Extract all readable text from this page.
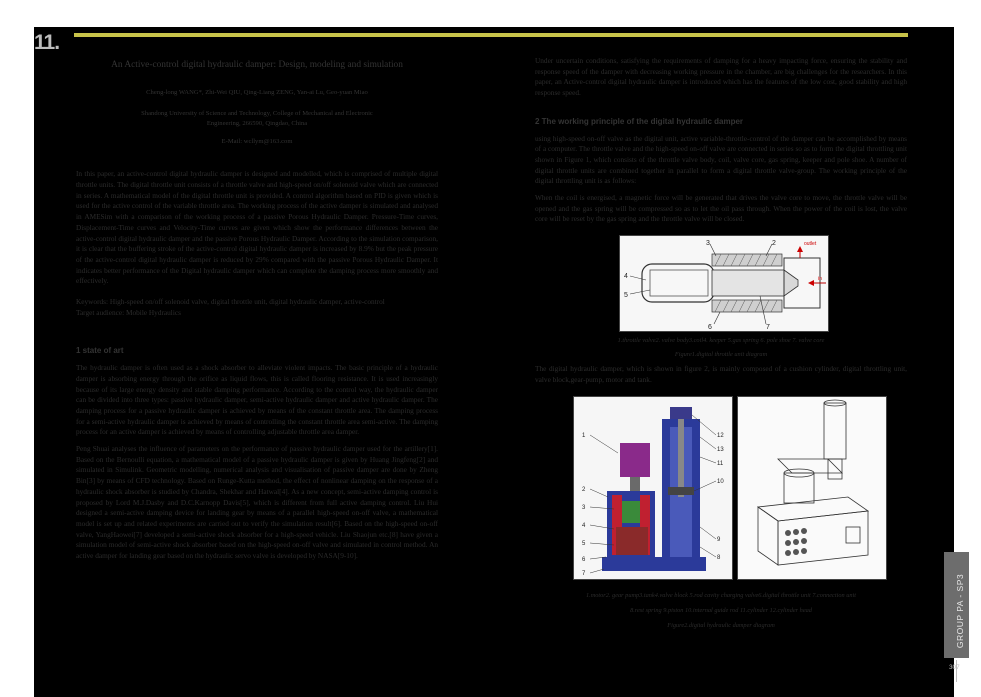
11.
An Active-control digital hydraulic damper: Design, modeling and simulation
Cheng-long WANG*, Zhi-Wei QIU, Qing-Liang ZENG, Yan-ai Lu, Geo-yuan Miao
Shandong University of Science and Technology, College of Mechanical and Electronic Engineering, 266590, Qingdao, China
E-Mail: wcllym@163.com
In this paper, an active-control digital hydraulic damper is designed and modelled, which is comprised of multiple digital throttle units. The digital throttle unit consists of a throttle valve and high-speed on/off solenoid valve which are connected in series. A mathematical model of the digital throttle unit is provided. A control algorithm based on PID is given which is used for the active control of the variable throttle area. The working process of the active damper is simulated and analysed in AMESim with a comparison of the working process of a passive Porous Hydraulic Damper. Pressure-Time curves, Displacement-Time curves and Velocity-Time curves are given which show the performance differences between the active-control digital hydraulic damper and the passive Porous Hydraulic Damper. According to the simulation comparison, it is clear that the buffering stroke of the active-control digital hydraulic damper is increased by 8.9% but the peak pressure of the active-control digital hydraulic damper is reduced by 29% compared with the passive Porous Hydraulic Damper. It indicates better performance of the Digital hydraulic damper which can complete the damping process more smoothly and effectively.
Keywords: High-speed on/off solenoid valve, digital throttle unit, digital hydraulic damper, active-control
Target audience: Mobile Hydraulics
1 state of art
The hydraulic damper is often used as a shock absorber to alleviate violent impacts. The basic principle of a hydraulic damper is absorbing energy through the orifice as liquid flows, this is called flooring resistance. It is used increasingly because of its large energy density and stable damping performance. According to the control way, the hydraulic damper can be divided into three types: passive hydraulic damper, semi-active hydraulic damper and active hydraulic damper. The damping process for a passive hydraulic damper is achieved by means of the constant throttle area. The damping process for a semi-active hydraulic damper is achieved by means of controlling the constant throttle area semi-active. The damping process for an active damper is achieved by means of controlling adjustable throttle area damper.
Peng Shuai analyses the influence of parameters on the performance of passive hydraulic damper used for the artillery[1]. Based on the Bernoulli equation, a mathematical model of a passive hydraulic damper is given by Huang Jingfeng[2] and simulated in Simulink. Geometric modelling, numerical analysis and visualisation of passive damper are done by Zheng Bin[3] by means of CFD technology. Based on Runge-Kutta method, the effect of nonlinear damping on the response of a hydraulic shock absorber is studied by Chandra, Shekhar and Hatwal[4]. As a new concept, semi-active damping control is proposed by Lord M.J.Dasby and D.C.Karnopp Davis[5], which is different from full active damping control. Liu Hui designed a semi-active damping device for landing gear by means of a parallel high-speed on-off valve, a mathematical model is set up and related experiments are carried out to verify the simulation result[6]. Based on the high-speed on-off valve, YangHaowei[7] developed a semi-active shock absorber for a high-speed vehicle. Liu Shaojun etc.[8] have given a simulation model of semi-active shock absorber based on the high-speed on-off valve and simulated in control method. An active damper for landing gear based on the hydraulic servo valve is developed by NASA[9-10].
Under uncertain conditions, satisfying the requirements of damping for a heavy impacting force, ensuring the stability and response speed of the damper with decreasing working pressure in the chamber, are big challenges for the researchers. In this paper, an Active-control digital hydraulic damper is introduced which has the features of the low cost, good stability and high response speed.
2 The working principle of the digital hydraulic damper
using high-speed on-off valve as the digital unit, active variable-throttle-control of the damper can be accomplished by means of a computer. The throttle valve and the high-speed on-off valve are connected in series so as to form the digital throttling unit shown in Figure 1, which consists of the throttle valve body, coil, valve core, gas spring, keeper and pole shoe. A number of digital throttle units are combined together in parallel to form a digital throttle valve-group. The working principle of the digital throttling unit is as follows:
When the coil is energised, a magnetic force will be generated that drives the valve core to move, the throttle valve will be opened and the gas spring will be compressed so as to let the oil pass through. When the power of the coil is lost, the valve core will be reset by the gas spring and the throttle valve will be closed.
3	2
4
5
6	7
outlet
in
1.throttle valve2. valve body3.coil4. keeper 5.gas spring 6. pole shoe 7. valve core
Figure1.digital throttle unit diagram
The digital hydraulic damper, which is shown in figure 2, is mainly composed of a cushion cylinder, digital throttling unit, valve block,gear-pump, motor and tank.
1
2
3
4
5
6
7
12
13
11
10
9
8
1.motor2. gear pump3.tank4.valve block 5.rod cavity charging valve6.digital throttle unit 7.connection unit
8.rest spring 9.piston 10.internal guide rod 11.cylinder 12.cylinder head
Figure2.digital hydraulic damper diagram	GROUP PA - SP3
307
